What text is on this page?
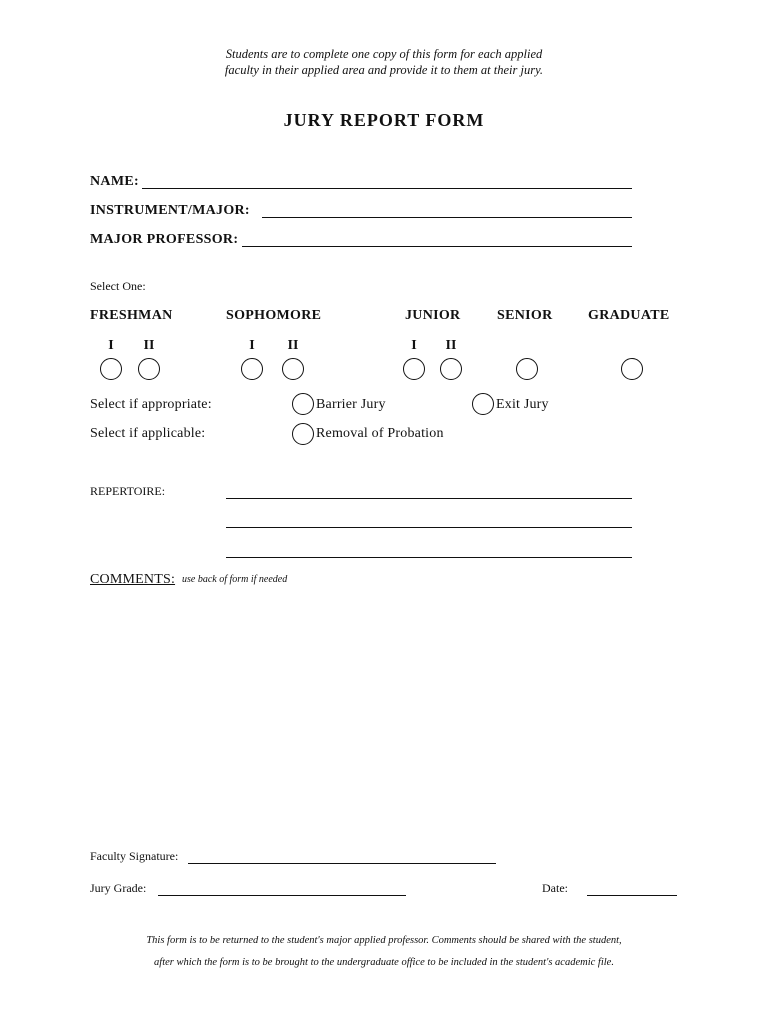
Students are to complete one copy of this form for each applied
faculty in their applied area and provide it to them at their jury.
JURY REPORT FORM
NAME:
INSTRUMENT/MAJOR:
MAJOR PROFESSOR:
Select One:
FRESHMAN	SOPHOMORE	JUNIOR	SENIOR	GRADUATE
I	II	I	II	I	II
Select if appropriate:	Barrier Jury	Exit Jury
Select if applicable:	Removal of Probation
REPERTOIRE:
COMMENTS: use back of form if needed
Faculty Signature:
Jury Grade:	Date:
This form is to be returned to the student's major applied professor. Comments should be shared with the student,
after which the form is to be brought to the undergraduate office to be included in the student's academic file.
